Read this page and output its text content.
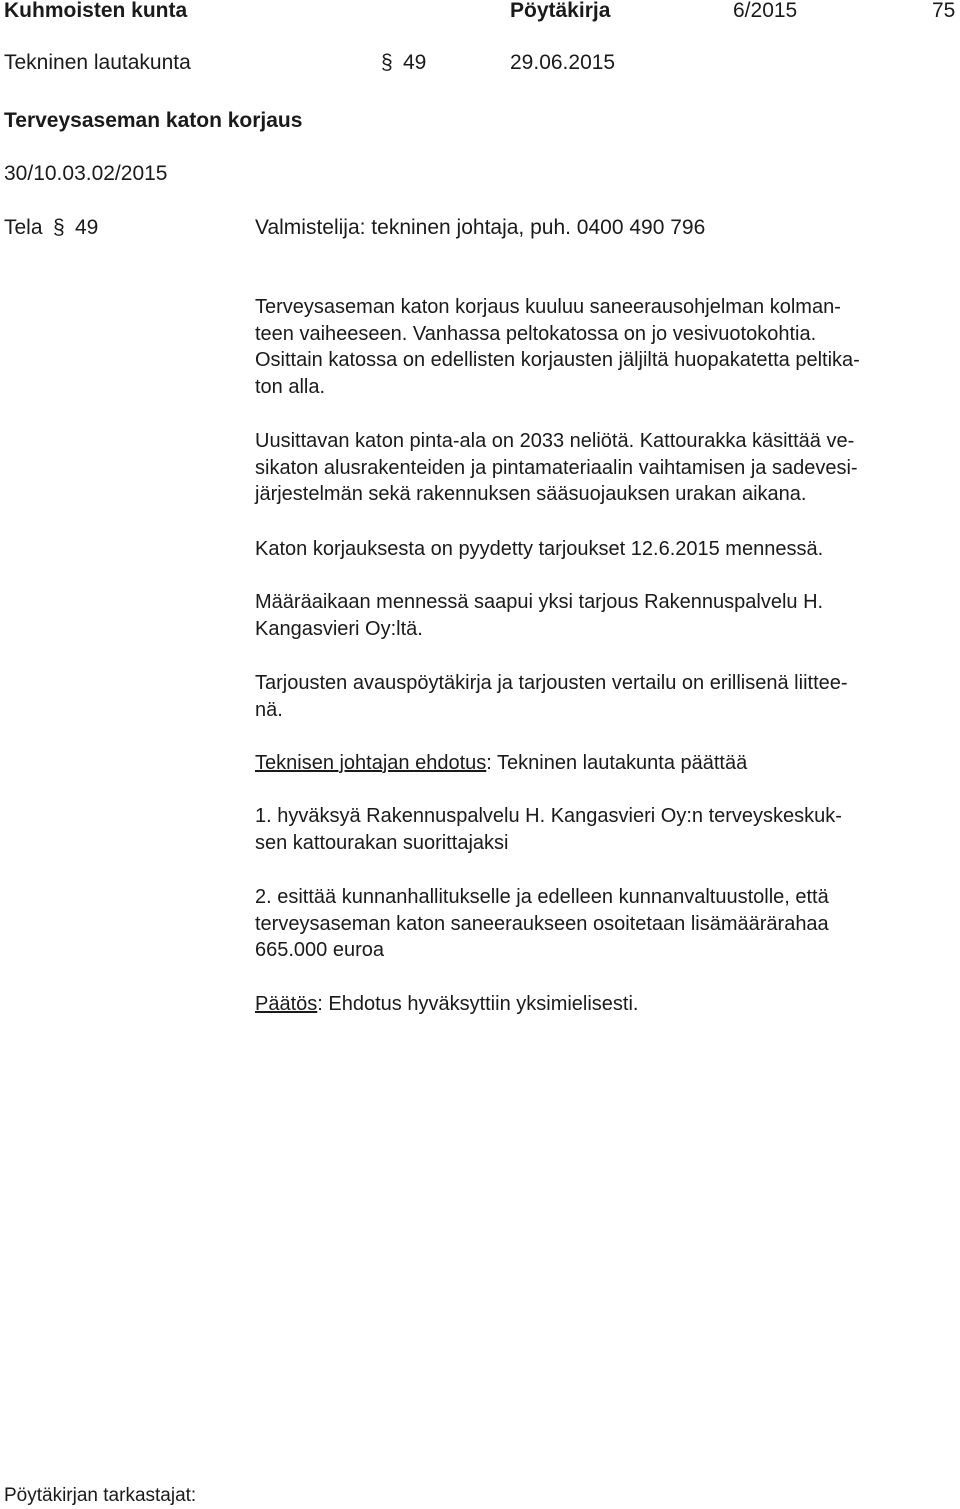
Kuhmoisten kunta	Pöytäkirja	6/2015	75
Tekninen lautakunta	§ 49	29.06.2015
Terveysaseman katon korjaus
30/10.03.02/2015
Tela § 49	Valmistelija: tekninen johtaja, puh. 0400 490 796

Terveysaseman katon korjaus kuuluu saneerausohjelman kolman-

teen vaiheeseen. Vanhassa peltokatossa on jo vesivuotokohtia.

Osittain katossa on edellisten korjausten jäljiltä huopakatetta peltika-

ton alla.

Uusittavan katon pinta-ala on 2033 neliötä. Kattourakka käsittää ve-

sikaton alusrakenteiden ja pintamateriaalin vaihtamisen ja sadevesi-

järjestelmän sekä rakennuksen sääsuojauksen urakan aikana.

Katon korjauksesta on pyydetty tarjoukset 12.6.2015 mennessä.

Määräaikaan mennessä saapui yksi tarjous Rakennuspalvelu H.

Kangasvieri Oy:ltä.

Tarjousten avauspöytäkirja ja tarjousten vertailu on erillisenä liittee-

nä.

Teknisen johtajan ehdotus: Tekninen lautakunta päättää

1. hyväksyä Rakennuspalvelu H. Kangasvieri Oy:n terveyskeskuk-

sen kattourakan suorittajaksi

2. esittää kunnanhallitukselle ja edelleen kunnanvaltuustolle, että

terveysaseman katon saneeraukseen osoitetaan lisämäärärahaa

665.000 euroa

Päätös: Ehdotus hyväksyttiin yksimielisesti.

Pöytäkirjan tarkastajat:
